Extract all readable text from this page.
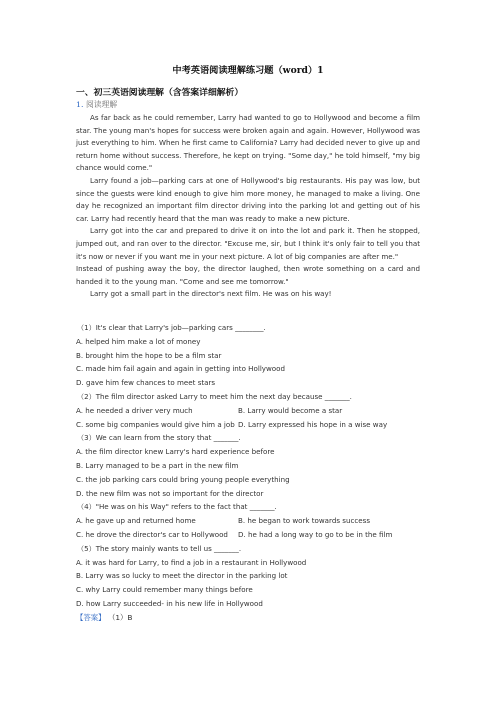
中考英语阅读理解练习题（word）1
一、初三英语阅读理解（含答案详细解析）
1. 阅读理解

As far back as he could remember, Larry had wanted to go to Hollywood and become a film star. The young man's hopes for success were broken again and again. However, Hollywood was just everything to him. When he first came to California? Larry had decided never to give up and return home without success. Therefore, he kept on trying. "Some day," he told himself, "my big chance would come."

Larry found a job—parking cars at one of Hollywood's big restaurants. His pay was low, but since the guests were kind enough to give him more money, he managed to make a living. One day he recognized an important film director driving into the parking lot and getting out of his car. Larry had recently heard that the man was ready to make a new picture.

Larry got into the car and prepared to drive it on into the lot and park it. Then he stopped, jumped out, and ran over to the director. "Excuse me, sir, but I think it's only fair to tell you that it's now or never if you want me in your next picture. A lot of big companies are after me."

Instead of pushing away the boy, the director laughed, then wrote something on a card and handed it to the young man. "Come and see me tomorrow."

Larry got a small part in the director's next film. He was on his way!

（1）It's clear that Larry's job—parking cars ________.

A. helped him make a lot of money

B. brought him the hope to be a film star

C. made him fail again and again in getting into Hollywood

D. gave him few chances to meet stars

（2）The film director asked Larry to meet him the next day because _______.

A. he needed a driver very much	B. Larry would become a star
C. some big companies would give him a job D. Larry expressed his hope in a wise way

（3）We can learn from the story that _______.

A. the film director knew Larry's hard experience before

B. Larry managed to be a part in the new film

C. the job parking cars could bring young people everything

D. the new film was not so important for the director

（4）"He was on his Way" refers to the fact that _______.

A. he gave up and returned home	B. he began to work towards success
C. he drove the director's car to Hollywood	D. he had a long way to go to be in the film

（5）The story mainly wants to tell us _______.

A. it was hard for Larry, to find a job in a restaurant in Hollywood

B. Larry was so lucky to meet the director in the parking lot

C. why Larry could remember many things before

D. how Larry succeeded- in his new life in Hollywood

【答案】 （1）B
